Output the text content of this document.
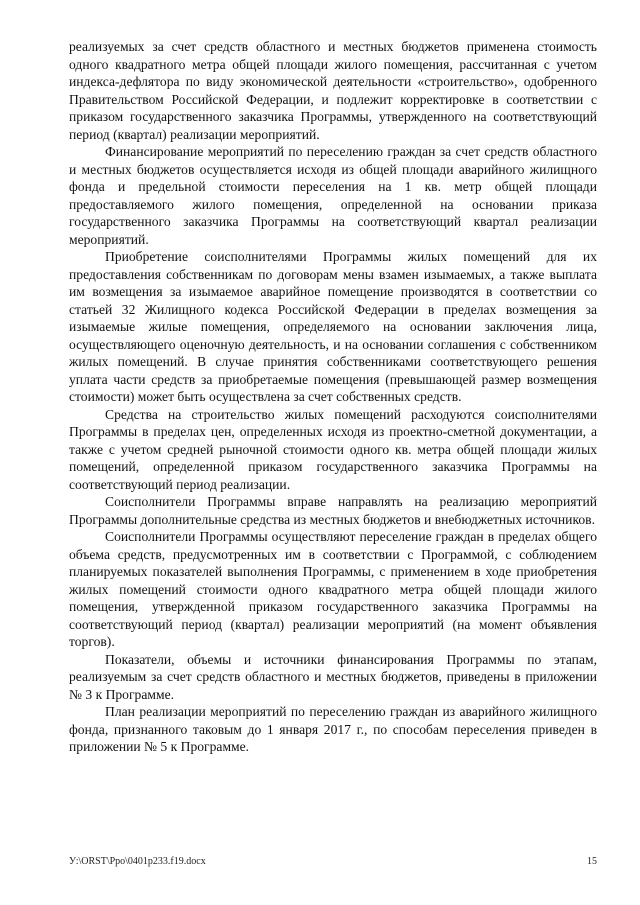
реализуемых за счет средств областного и местных бюджетов применена стоимость одного квадратного метра общей площади жилого помещения, рассчитанная с учетом индекса-дефлятора по виду экономической деятельности «строительство», одобренного Правительством Российской Федерации, и подлежит корректировке в соответствии с приказом государственного заказчика Программы, утвержденного на соответствующий период (квартал) реализации мероприятий.

Финансирование мероприятий по переселению граждан за счет средств областного и местных бюджетов осуществляется исходя из общей площади аварийного жилищного фонда и предельной стоимости переселения на 1 кв. метр общей площади предоставляемого жилого помещения, определенной на основании приказа государственного заказчика Программы на соответствующий квартал реализации мероприятий.

Приобретение соисполнителями Программы жилых помещений для их предоставления собственникам по договорам мены взамен изымаемых, а также выплата им возмещения за изымаемое аварийное помещение производятся в соответствии со статьей 32 Жилищного кодекса Российской Федерации в пределах возмещения за изымаемые жилые помещения, определяемого на основании заключения лица, осуществляющего оценочную деятельность, и на основании соглашения с собственником жилых помещений. В случае принятия собственниками соответствующего решения уплата части средств за приобретаемые помещения (превышающей размер возмещения стоимости) может быть осуществлена за счет собственных средств.

Средства на строительство жилых помещений расходуются соисполнителями Программы в пределах цен, определенных исходя из проектно-сметной документации, а также с учетом средней рыночной стоимости одного кв. метра общей площади жилых помещений, определенной приказом государственного заказчика Программы на соответствующий период реализации.

Соисполнители Программы вправе направлять на реализацию мероприятий Программы дополнительные средства из местных бюджетов и внебюджетных источников.

Соисполнители Программы осуществляют переселение граждан в пределах общего объема средств, предусмотренных им в соответствии с Программой, с соблюдением планируемых показателей выполнения Программы, с применением в ходе приобретения жилых помещений стоимости одного квадратного метра общей площади жилого помещения, утвержденной приказом государственного заказчика Программы на соответствующий период (квартал) реализации мероприятий (на момент объявления торгов).

Показатели, объемы и источники финансирования Программы по этапам, реализуемым за счет средств областного и местных бюджетов, приведены в приложении № 3 к Программе.

План реализации мероприятий по переселению граждан из аварийного жилищного фонда, признанного таковым до 1 января 2017 г., по способам переселения приведен в приложении № 5 к Программе.

У:\ORST\Ppo\0401p233.f19.docx	15
